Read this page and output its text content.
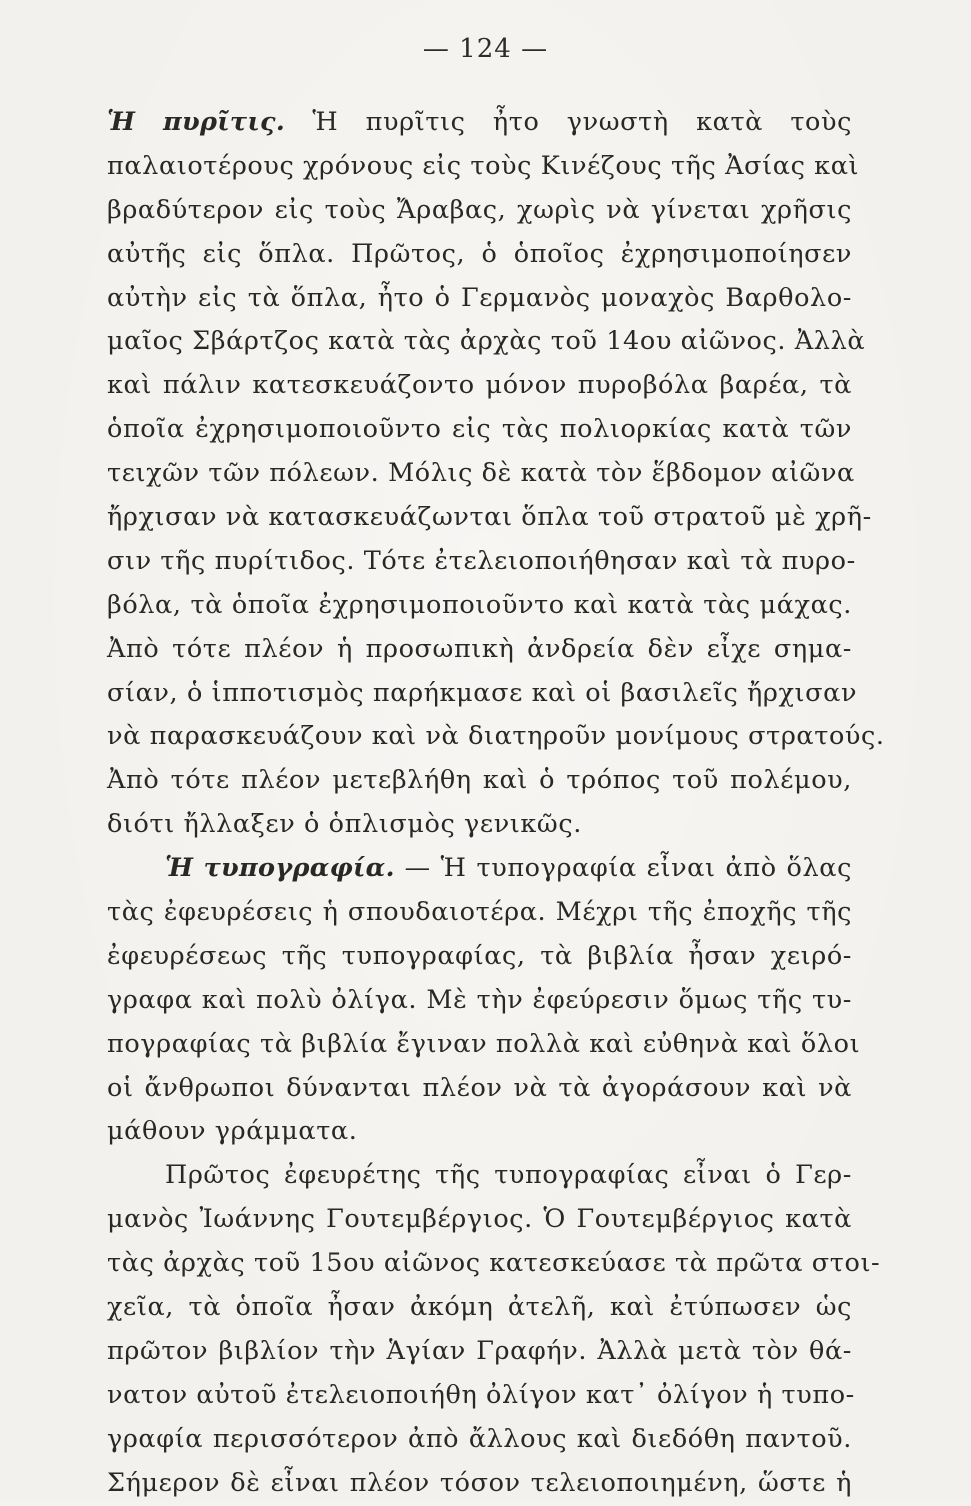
— 124 —
Ἡ πυρῖτις. Ἡ πυρῖτις ἦτο γνωστὴ κατὰ τοὺς
παλαιοτέρους χρόνους εἰς τοὺς Κινέζους τῆς Ἀσίας καὶ
βραδύτερον εἰς τοὺς Ἄραβας, χωρὶς νὰ γίνεται χρῆσις
αὐτῆς εἰς ὅπλα. Πρῶτος, ὁ ὁποῖος ἐχρησιμοποίησεν
αὐτὴν εἰς τὰ ὅπλα, ἦτο ὁ Γερμανὸς μοναχὸς Βαρθολο-
μαῖος Σβάρτζος κατὰ τὰς ἀρχὰς τοῦ 14ου αἰῶνος. Ἀλλὰ
καὶ πάλιν κατεσκευάζοντο μόνον πυροβόλα βαρέα, τὰ
ὁποῖα ἐχρησιμοποιοῦντο εἰς τὰς πολιορκίας κατὰ τῶν
τειχῶν τῶν πόλεων. Μόλις δὲ κατὰ τὸν ἕβδομον αἰῶνα
ἤρχισαν νὰ κατασκευάζωνται ὅπλα τοῦ στρατοῦ μὲ χρῆ-
σιν τῆς πυρίτιδος. Τότε ἐτελειοποιήθησαν καὶ τὰ πυρο-
βόλα, τὰ ὁποῖα ἐχρησιμοποιοῦντο καὶ κατὰ τὰς μάχας.
Ἀπὸ τότε πλέον ἡ προσωπικὴ ἀνδρεία δὲν εἶχε σημα-
σίαν, ὁ ἱπποτισμὸς παρήκμασε καὶ οἱ βασιλεῖς ἤρχισαν
νὰ παρασκευάζουν καὶ νὰ διατηροῦν μονίμους στρατούς.
Ἀπὸ τότε πλέον μετεβλήθη καὶ ὁ τρόπος τοῦ πολέμου,
διότι ἤλλαξεν ὁ ὁπλισμὸς γενικῶς.
Ἡ τυπογραφία. — Ἡ τυπογραφία εἶναι ἀπὸ ὅλας
τὰς ἐφευρέσεις ἡ σπουδαιοτέρα. Μέχρι τῆς ἐποχῆς τῆς
ἐφευρέσεως τῆς τυπογραφίας, τὰ βιβλία ἦσαν χειρό-
γραφα καὶ πολὺ ὀλίγα. Μὲ τὴν ἐφεύρεσιν ὅμως τῆς τυ-
πογραφίας τὰ βιβλία ἔγιναν πολλὰ καὶ εὐθηνὰ καὶ ὅλοι
οἱ ἄνθρωποι δύνανται πλέον νὰ τὰ ἀγοράσουν καὶ νὰ
μάθουν γράμματα.
Πρῶτος ἐφευρέτης τῆς τυπογραφίας εἶναι ὁ Γερ-
μανὸς Ἰωάννης Γουτεμβέργιος. Ὁ Γουτεμβέργιος κατὰ
τὰς ἀρχὰς τοῦ 15ου αἰῶνος κατεσκεύασε τὰ πρῶτα στοι-
χεῖα, τὰ ὁποῖα ἦσαν ἀκόμη ἀτελῆ, καὶ ἐτύπωσεν ὡς
πρῶτον βιβλίον τὴν Ἁγίαν Γραφήν. Ἀλλὰ μετὰ τὸν θά-
νατον αὐτοῦ ἐτελειοποιήθη ὀλίγον κατ᾽ ὀλίγον ἡ τυπο-
γραφία περισσότερον ἀπὸ ἄλλους καὶ διεδόθη παντοῦ.
Σήμερον δὲ εἶναι πλέον τόσον τελειοποιημένη, ὥστε ἡ
